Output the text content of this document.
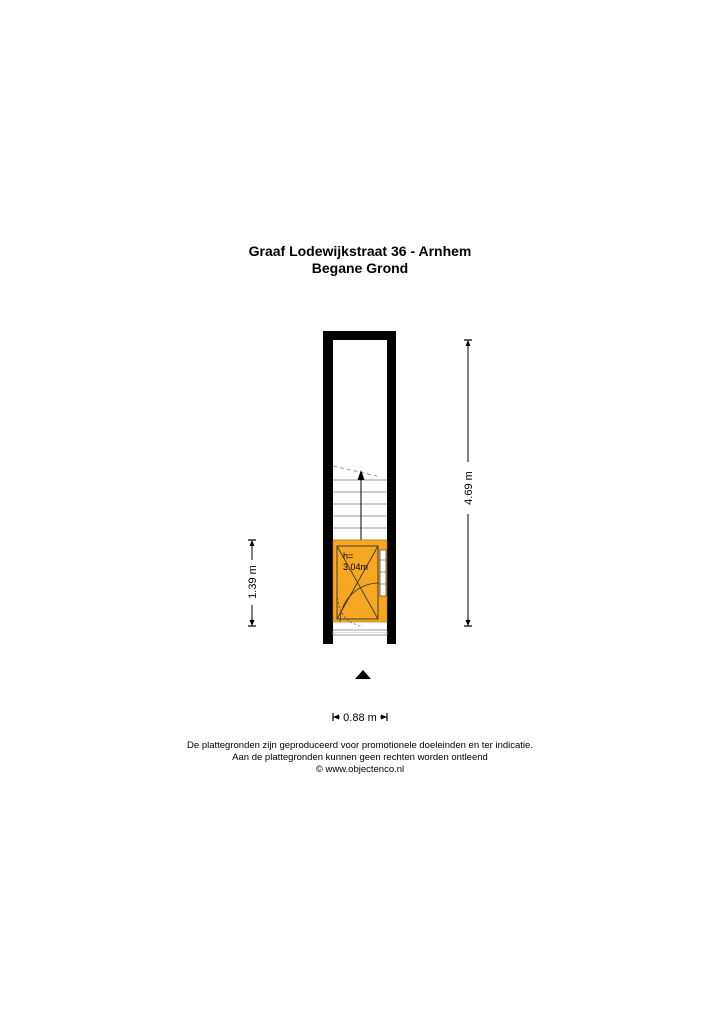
Graaf Lodewijkstraat 36 - Arnhem
Begane Grond
h=
3.04m
4.69 m
1.39 m
0.88 m
De plattegronden zijn geproduceerd voor promotionele doeleinden en ter indicatie.
Aan de plattegronden kunnen geen rechten worden ontleend
© www.objectenco.nl
